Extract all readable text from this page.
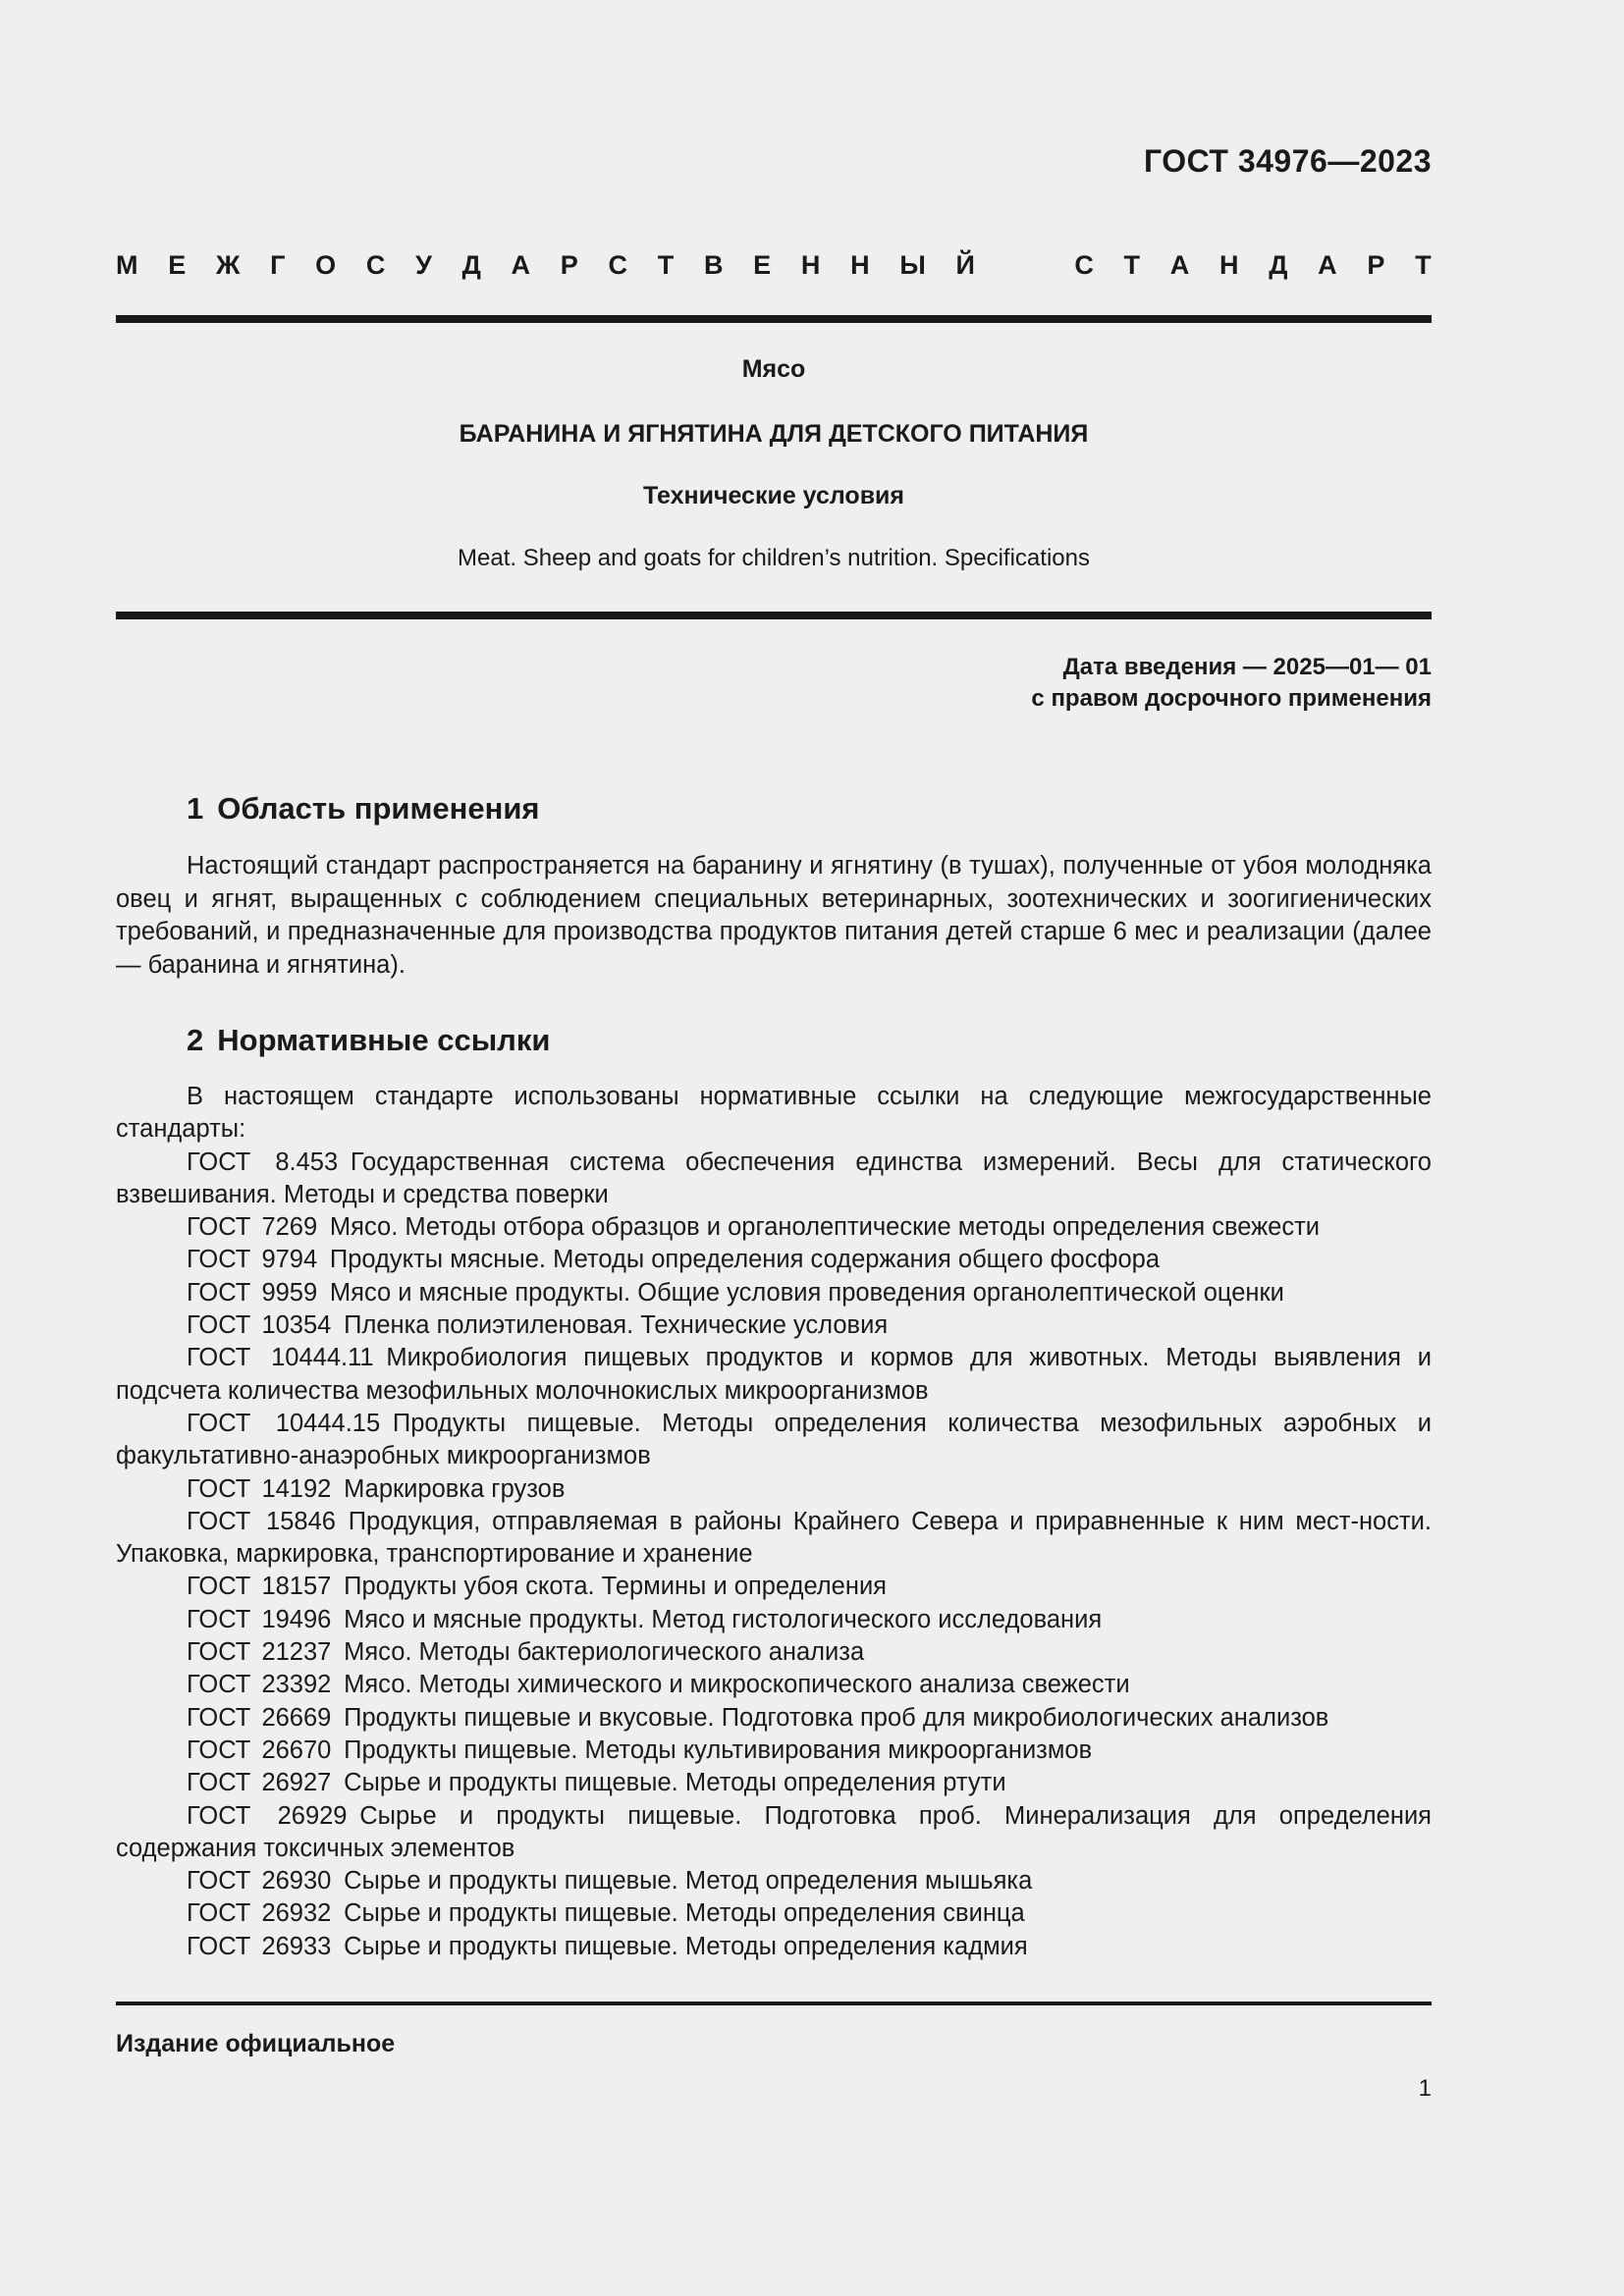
ГОСТ 34976—2023
М Е Ж Г О С У Д А Р С Т В Е Н Н Ы Й	С Т А Н Д А Р Т
Мясо
БАРАНИНА И ЯГНЯТИНА ДЛЯ ДЕТСКОГО ПИТАНИЯ
Технические условия
Meat. Sheep and goats for children’s nutrition. Specifications
Дата введения — 2025—01— 01
с правом досрочного применения
1 Область применения
Настоящий стандарт распространяется на баранину и ягнятину (в тушах), полученные от убоя молодняка овец и ягнят, выращенных с соблюдением специальных ветеринарных, зоотехнических и зоогигиенических требований, и предназначенные для производства продуктов питания детей старше 6 мес и реализации (далее — баранина и ягнятина).
2 Нормативные ссылки
В настоящем стандарте использованы нормативные ссылки на следующие межгосударственные стандарты:
ГОСТ 8.453  Государственная система обеспечения единства измерений. Весы для статического взвешивания. Методы и средства поверки
ГОСТ 7269  Мясо. Методы отбора образцов и органолептические методы определения свежести
ГОСТ 9794  Продукты мясные. Методы определения содержания общего фосфора
ГОСТ 9959  Мясо и мясные продукты. Общие условия проведения органолептической оценки
ГОСТ 10354  Пленка полиэтиленовая. Технические условия
ГОСТ 10444.11  Микробиология пищевых продуктов и кормов для животных. Методы выявления и подсчета количества мезофильных молочнокислых микроорганизмов
ГОСТ 10444.15  Продукты пищевые. Методы определения количества мезофильных аэробных и факультативно-анаэробных микроорганизмов
ГОСТ 14192  Маркировка грузов
ГОСТ 15846  Продукция, отправляемая в районы Крайнего Севера и приравненные к ним мест-ности. Упаковка, маркировка, транспортирование и хранение
ГОСТ 18157  Продукты убоя скота. Термины и определения
ГОСТ 19496  Мясо и мясные продукты. Метод гистологического исследования
ГОСТ 21237  Мясо. Методы бактериологического анализа
ГОСТ 23392  Мясо. Методы химического и микроскопического анализа свежести
ГОСТ 26669  Продукты пищевые и вкусовые. Подготовка проб для микробиологических анализов
ГОСТ 26670  Продукты пищевые. Методы культивирования микроорганизмов
ГОСТ 26927  Сырье и продукты пищевые. Методы определения ртути
ГОСТ 26929  Сырье и продукты пищевые. Подготовка проб. Минерализация для определения содержания токсичных элементов
ГОСТ 26930  Сырье и продукты пищевые. Метод определения мышьяка
ГОСТ 26932  Сырье и продукты пищевые. Методы определения свинца
ГОСТ 26933  Сырье и продукты пищевые. Методы определения кадмия
Издание официальное
1
